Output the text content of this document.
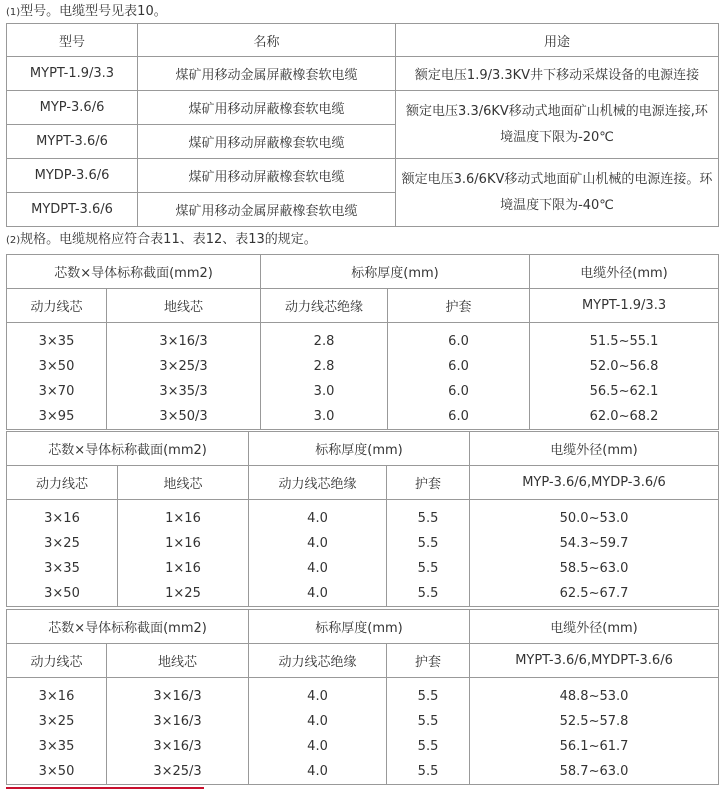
(1)型号。电缆型号见表10。

型号	名称	用途
MYPT-1.9/3.3	煤矿用移动金属屏蔽橡套软电缆	额定电压1.9/3.3KV井下移动采煤设备的电源连接
MYP-3.6/6	煤矿用移动屏蔽橡套软电缆	额定电压3.3/6KV移动式地面矿山机械的电源连接,环境温度下限为-20℃
MYPT-3.6/6	煤矿用移动屏蔽橡套软电缆	
MYDP-3.6/6	煤矿用移动屏蔽橡套软电缆	额定电压3.6/6KV移动式地面矿山机械的电源连接。环境温度下限为-40℃
MYDPT-3.6/6	煤矿用移动金属屏蔽橡套软电缆	

(2)规格。电缆规格应符合表11、表12、表13的规定。

芯数×导体标称截面(mm2)		标称厚度(mm)		电缆外径(mm)
动力线芯	地线芯	动力线芯绝缘	护套	MYPT-1.9/3.3
3×35	3×16/3	2.8	6.0	51.5~55.1
3×50	3×25/3	2.8	6.0	52.0~56.8
3×70	3×35/3	3.0	6.0	56.5~62.1
3×95	3×50/3	3.0	6.0	62.0~68.2
芯数×导体标称截面(mm2)		标称厚度(mm)		电缆外径(mm)
动力线芯	地线芯	动力线芯绝缘	护套	MYP-3.6/6,MYDP-3.6/6
3×16	1×16	4.0	5.5	50.0~53.0
3×25	1×16	4.0	5.5	54.3~59.7
3×35	1×16	4.0	5.5	58.5~63.0
3×50	1×25	4.0	5.5	62.5~67.7
芯数×导体标称截面(mm2)		标称厚度(mm)		电缆外径(mm)
动力线芯	地线芯	动力线芯绝缘	护套	MYPT-3.6/6,MYDPT-3.6/6
3×16	3×16/3	4.0	5.5	48.8~53.0
3×25	3×16/3	4.0	5.5	52.5~57.8
3×35	3×16/3	4.0	5.5	56.1~61.7
3×50	3×25/3	4.0	5.5	58.7~63.0
